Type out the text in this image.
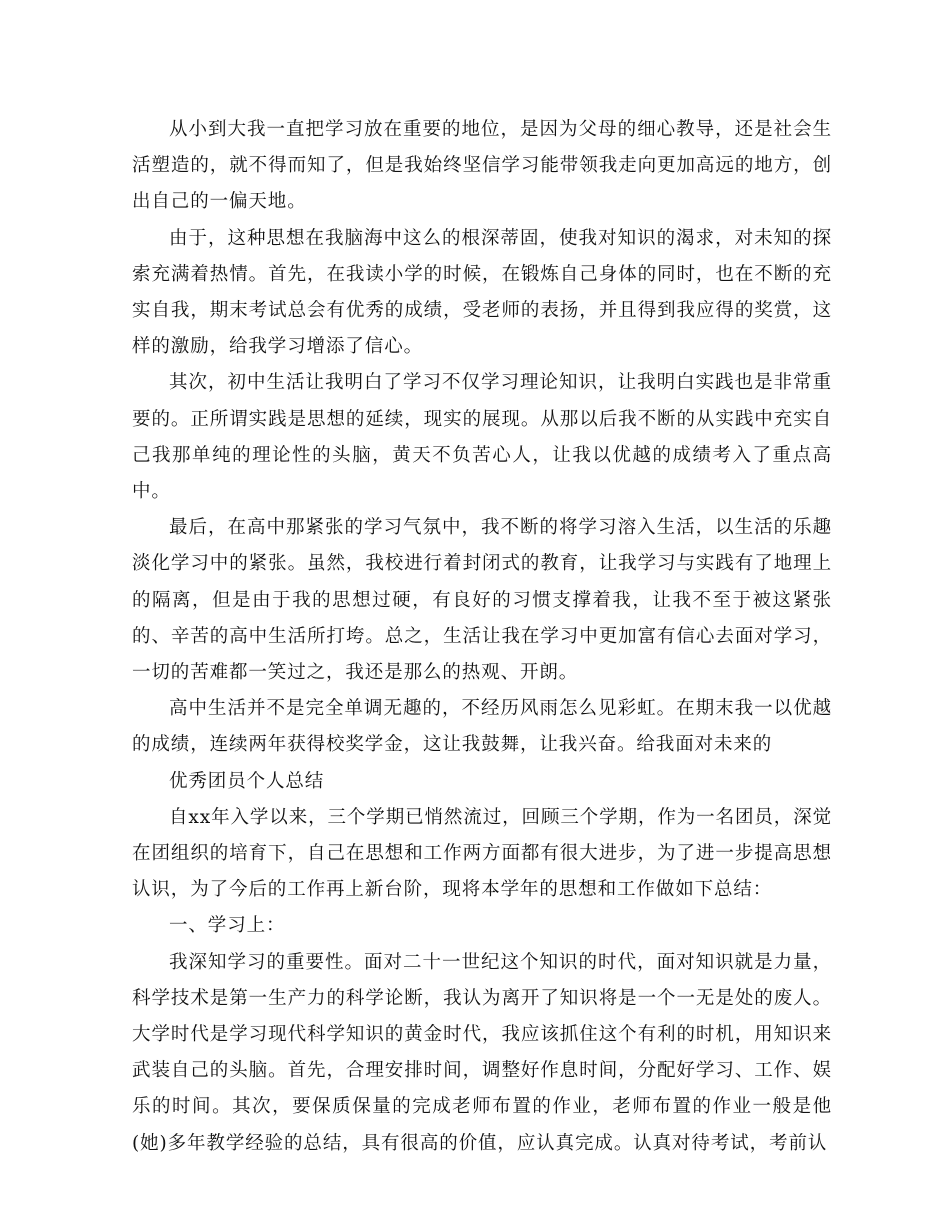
从小到大我一直把学习放在重要的地位，是因为父母的细心教导，还是社会生活塑造的，就不得而知了，但是我始终坚信学习能带领我走向更加高远的地方，创出自己的一偏天地。

由于，这种思想在我脑海中这么的根深蒂固，使我对知识的渴求，对未知的探索充满着热情。首先，在我读小学的时候，在锻炼自己身体的同时，也在不断的充实自我，期末考试总会有优秀的成绩，受老师的表扬，并且得到我应得的奖赏，这样的激励，给我学习增添了信心。

其次，初中生活让我明白了学习不仅学习理论知识，让我明白实践也是非常重要的。正所谓实践是思想的延续，现实的展现。从那以后我不断的从实践中充实自己我那单纯的理论性的头脑，黄天不负苦心人，让我以优越的成绩考入了重点高中。

最后，在高中那紧张的学习气氛中，我不断的将学习溶入生活，以生活的乐趣淡化学习中的紧张。虽然，我校进行着封闭式的教育，让我学习与实践有了地理上的隔离，但是由于我的思想过硬，有良好的习惯支撑着我，让我不至于被这紧张的、辛苦的高中生活所打垮。总之，生活让我在学习中更加富有信心去面对学习，一切的苦难都一笑过之，我还是那么的热观、开朗。

高中生活并不是完全单调无趣的，不经历风雨怎么见彩虹。在期末我一以优越的成绩，连续两年获得校奖学金，这让我鼓舞，让我兴奋。给我面对未来的

优秀团员个人总结

自xx年入学以来，三个学期已悄然流过，回顾三个学期，作为一名团员，深觉在团组织的培育下，自己在思想和工作两方面都有很大进步，为了进一步提高思想认识，为了今后的工作再上新台阶，现将本学年的思想和工作做如下总结：

一、学习上：

我深知学习的重要性。面对二十一世纪这个知识的时代，面对知识就是力量，科学技术是第一生产力的科学论断，我认为离开了知识将是一个一无是处的废人。大学时代是学习现代科学知识的黄金时代，我应该抓住这个有利的时机，用知识来武装自己的头脑。首先，合理安排时间，调整好作息时间，分配好学习、工作、娱乐的时间。其次，要保质保量的完成老师布置的作业，老师布置的作业一般是他(她)多年教学经验的总结，具有很高的价值，应认真完成。认真对待考试，考前认
